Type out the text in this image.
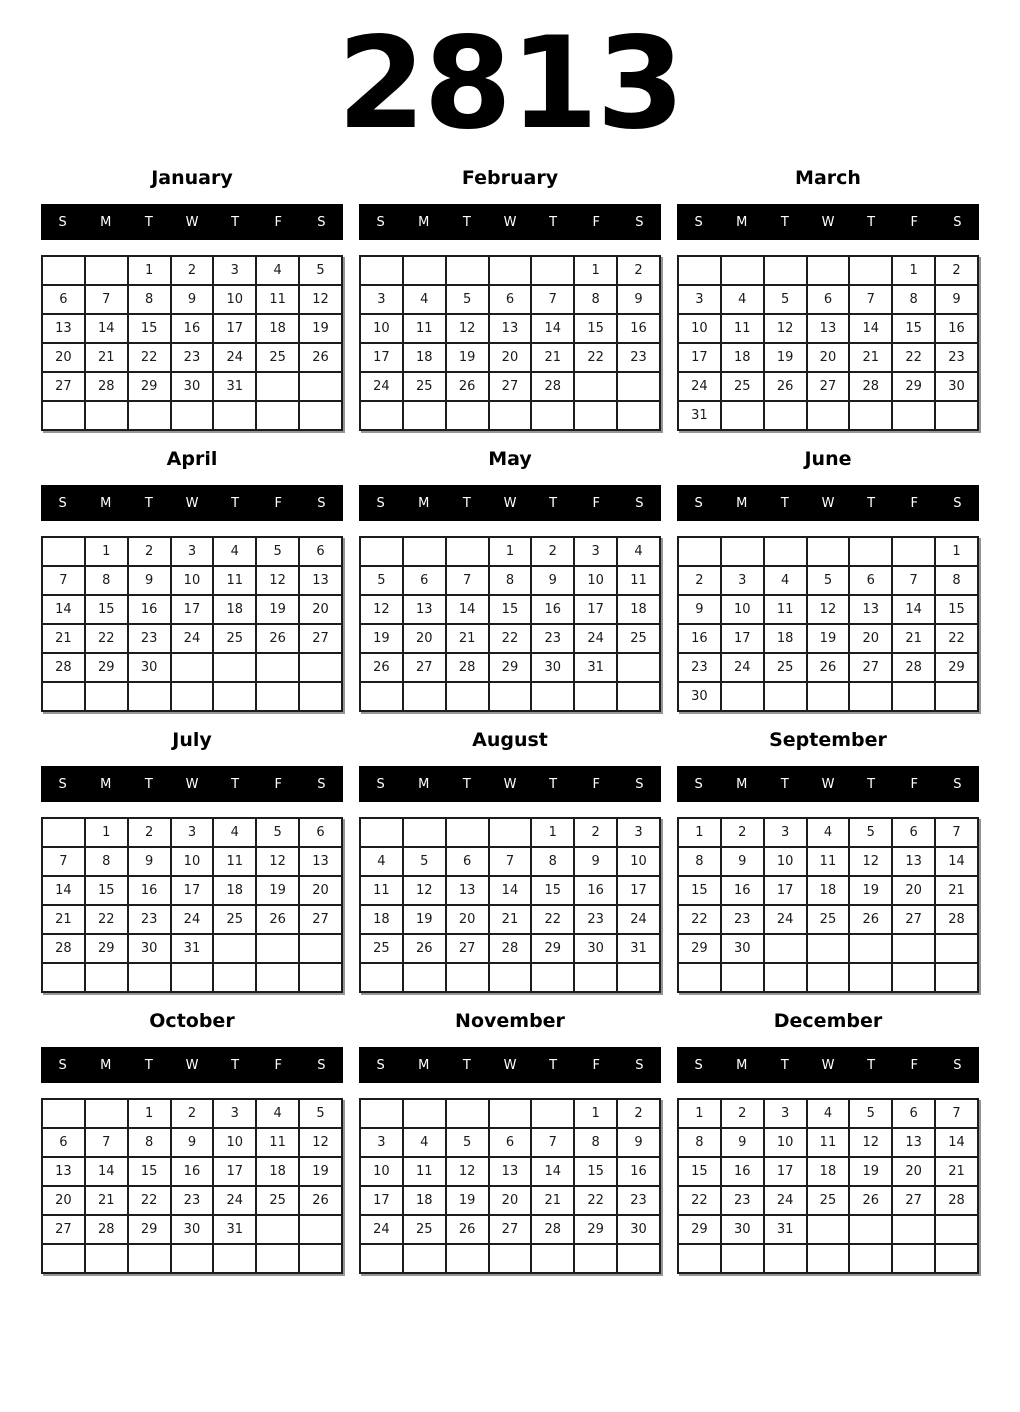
2813
January
S	M	T	W	T	F	S
		1	2	3	4	5
6	7	8	9	10	11	12
13	14	15	16	17	18	19
20	21	22	23	24	25	26
27	28	29	30	31		

February
S	M	T	W	T	F	S
					1	2
3	4	5	6	7	8	9
10	11	12	13	14	15	16
17	18	19	20	21	22	23
24	25	26	27	28		

March
S	M	T	W	T	F	S
					1	2
3	4	5	6	7	8	9
10	11	12	13	14	15	16
17	18	19	20	21	22	23
24	25	26	27	28	29	30
31						
April
S	M	T	W	T	F	S
	1	2	3	4	5	6
7	8	9	10	11	12	13
14	15	16	17	18	19	20
21	22	23	24	25	26	27
28	29	30				

May
S	M	T	W	T	F	S
			1	2	3	4
5	6	7	8	9	10	11
12	13	14	15	16	17	18
19	20	21	22	23	24	25
26	27	28	29	30	31	

June
S	M	T	W	T	F	S
						1
2	3	4	5	6	7	8
9	10	11	12	13	14	15
16	17	18	19	20	21	22
23	24	25	26	27	28	29
30						
July
S	M	T	W	T	F	S
	1	2	3	4	5	6
7	8	9	10	11	12	13
14	15	16	17	18	19	20
21	22	23	24	25	26	27
28	29	30	31			

August
S	M	T	W	T	F	S
				1	2	3
4	5	6	7	8	9	10
11	12	13	14	15	16	17
18	19	20	21	22	23	24
25	26	27	28	29	30	31

September
S	M	T	W	T	F	S
1	2	3	4	5	6	7
8	9	10	11	12	13	14
15	16	17	18	19	20	21
22	23	24	25	26	27	28
29	30					

October
S	M	T	W	T	F	S
		1	2	3	4	5
6	7	8	9	10	11	12
13	14	15	16	17	18	19
20	21	22	23	24	25	26
27	28	29	30	31		

November
S	M	T	W	T	F	S
					1	2
3	4	5	6	7	8	9
10	11	12	13	14	15	16
17	18	19	20	21	22	23
24	25	26	27	28	29	30

December
S	M	T	W	T	F	S
1	2	3	4	5	6	7
8	9	10	11	12	13	14
15	16	17	18	19	20	21
22	23	24	25	26	27	28
29	30	31				
